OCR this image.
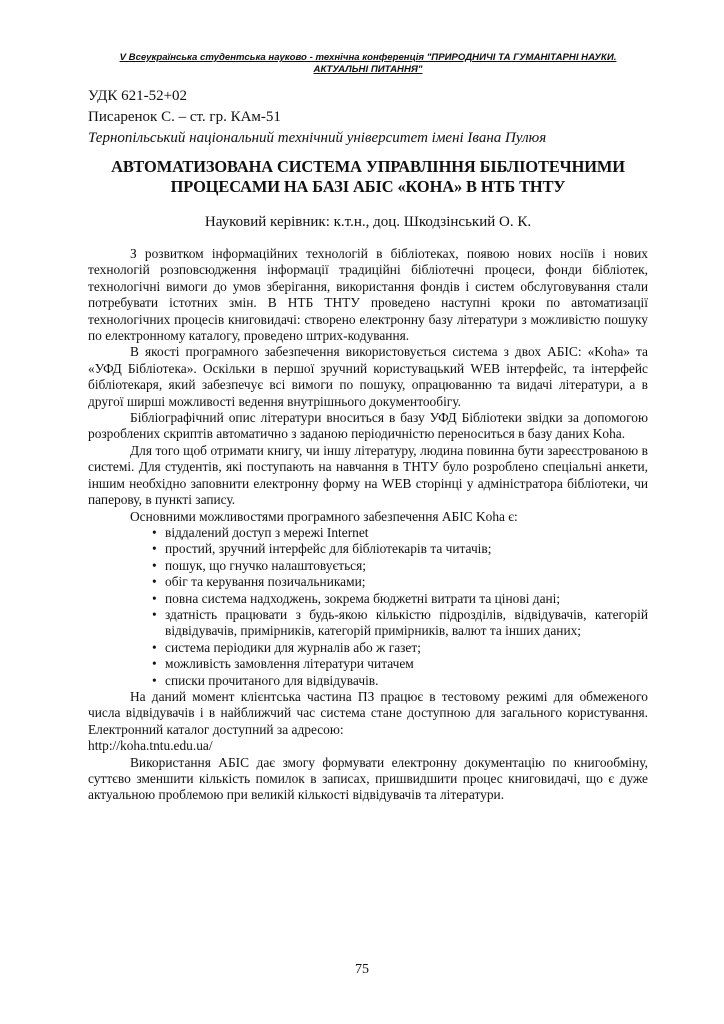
V Всеукраїнська студентська науково - технічна конференція "ПРИРОДНИЧІ ТА ГУМАНІТАРНІ НАУКИ.
АКТУАЛЬНІ ПИТАННЯ"
УДК 621-52+02
Писаренок С. – ст. гр. КАм-51
Тернопільський національний технічний університет імені Івана Пулюя
АВТОМАТИЗОВАНА СИСТЕМА УПРАВЛІННЯ БІБЛІОТЕЧНИМИ
ПРОЦЕСАМИ НА БАЗІ АБІС «КОНА» В НТБ ТНТУ
Науковий керівник: к.т.н., доц. Шкодзінський О. К.

З розвитком інформаційних технологій в бібліотеках, появою нових носіїв і нових технологій розповсюдження інформації традиційні бібліотечні процеси, фонди бібліотек, технологічні вимоги до умов зберігання, використання фондів і систем обслуговування стали потребувати істотних змін. В НТБ ТНТУ проведено наступні кроки по автоматизації технологічних процесів книговидачі: створено електронну базу літератури з можливістю пошуку по електронному каталогу, проведено штрих-кодування.

В якості програмного забезпечення використовується система з двох АБІС: «Koha» та «УФД Бібліотека». Оскільки в першої зручний користувацький WEB інтерфейс, та інтерфейс бібліотекаря, який забезпечує всі вимоги по пошуку, опрацюванню та видачі літератури, а в другої ширші можливості ведення внутрішнього документообігу.

Бібліографічний опис літератури вноситься в базу УФД Бібліотеки звідки за допомогою розроблених скриптів автоматично з заданою періодичністю переноситься в базу даних Koha.

Для того щоб отримати книгу, чи іншу літературу, людина повинна бути зареєстрованою в системі. Для студентів, які поступають на навчання в ТНТУ було розроблено спеціальні анкети, іншим необхідно заповнити електронну форму на WEB сторінці у адміністратора бібліотеки, чи паперову, в пункті запису.

Основними можливостями програмного забезпечення АБІС Koha є:

• віддалений доступ з мережі Internet
• простий, зручний інтерфейс для бібліотекарів та читачів;
• пошук, що гнучко налаштовується;
• обіг та керування позичальниками;
• повна система надходжень, зокрема бюджетні витрати та цінові дані;
• здатність працювати з будь-якою кількістю підрозділів, відвідувачів, категорій відвідувачів, примірників, категорій примірників, валют та інших даних;
• система періодики для журналів або ж газет;
• можливість замовлення літератури читачем
• списки прочитаного для відвідувачів.

На даний момент клієнтська частина ПЗ працює в тестовому режимі для обмеженого числа відвідувачів і в найближчий час система стане доступною для загального користування. Електронний каталог доступний за адресою:

http://koha.tntu.edu.ua/

Використання АБІС дає змогу формувати електронну документацію по книгообміну, суттєво зменшити кількість помилок в записах, пришвидшити процес книговидачі, що є дуже актуальною проблемою при великій кількості відвідувачів та літератури.

75
